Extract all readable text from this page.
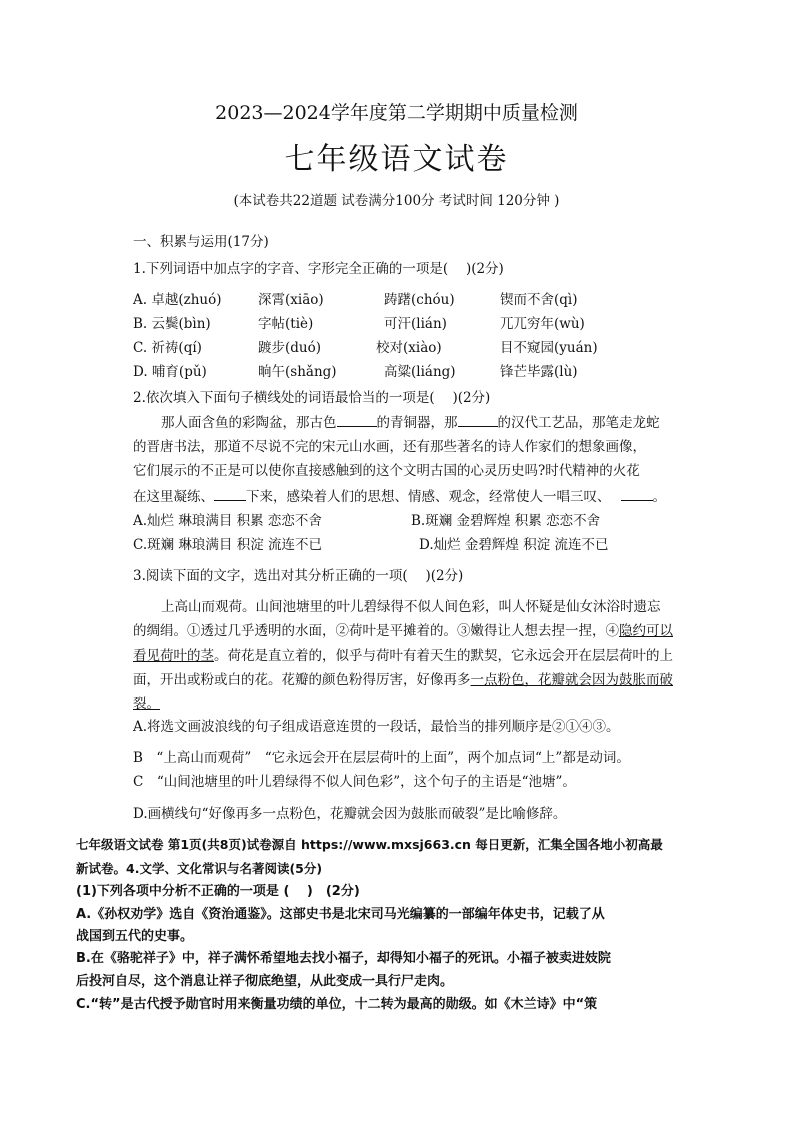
2023—2024学年度第二学期期中质量检测
七年级语文试卷
(本试卷共22道题 试卷满分100分 考试时间 120分钟 )
一、积累与运用(17分)
1.下列词语中加点字的字音、字形完全正确的一项是(　 )(2分)
A. 卓越(zhuó)	深霄(xiāo)	踌躇(chóu)	锲而不舍(qì)
B. 云鬓(bìn)	字帖(tiè)	可汗(lián)	兀兀穷年(wù)
C. 祈祷(qí)	踱步(duó)	校对(xiào)	目不窥园(yuán)
D. 哺育(pǔ)	晌午(shǎng)	高粱(liáng)	锋芒毕露(lù)
2.依次填入下面句子横线处的词语最恰当的一项是(　 )(2分)
那人面含鱼的彩陶盆，那古色	的青铜器，那	的汉代工艺品，那笔走龙蛇
的晋唐书法，那道不尽说不完的宋元山水画，还有那些著名的诗人作家们的想象画像，
它们展示的不正是可以使你直接感触到的这个文明古国的心灵历史吗?时代精神的火花
在这里凝练、 下来，感染着人们的思想、情感、观念，经常使人一唱三叹、	。
A.灿烂 琳琅满目 积累 恋恋不舍	B.斑斓 金碧辉煌 积累 恋恋不舍
C.斑斓 琳琅满目 积淀 流连不已	D.灿烂 金碧辉煌 积淀 流连不已
3.阅读下面的文字，选出对其分析正确的一项(　 )(2分)
上高山而观荷。山间池塘里的叶儿碧绿得不似人间色彩，叫人怀疑是仙女沐浴时遗忘
的绸绢。①透过几乎透明的水面，②荷叶是平摊着的。③嫩得让人想去捏一捏，④隐约可以
看见荷叶的茎。荷花是直立着的，似乎与荷叶有着天生的默契，它永远会开在层层荷叶的上
面，开出或粉或白的花。花瓣的颜色粉得厉害，好像再多一点粉色，花瓣就会因为鼓胀而破
裂。
A.将选文画波浪线的句子组成语意连贯的一段话，最恰当的排列顺序是②①④③。
B　“上高山而观荷”　“它永远会开在层层荷叶的上面”，两个加点词“上”都是动词。
C　“山间池塘里的叶儿碧绿得不似人间色彩”，这个句子的主语是“池塘”。
D.画横线句“好像再多一点粉色，花瓣就会因为鼓胀而破裂”是比喻修辞。
七年级语文试卷 第1页(共8页)试卷源自 https://www.mxsj663.cn 每日更新，汇集全国各地小初高最
新试卷。4.文学、文化常识与名著阅读(5分)
(1)下列各项中分析不正确的一项是 (　 )　(2分)
A.《孙权劝学》选自《资治通鉴》。这部史书是北宋司马光编纂的一部编年体史书，记载了从
战国到五代的史事。
B.在《骆驼祥子》中，祥子满怀希望地去找小福子，却得知小福子的死讯。小福子被卖进妓院
后投河自尽，这个消息让祥子彻底绝望，从此变成一具行尸走肉。
C.“转”是古代授予勋官时用来衡量功绩的单位，十二转为最高的勋级。如《木兰诗》中“策
